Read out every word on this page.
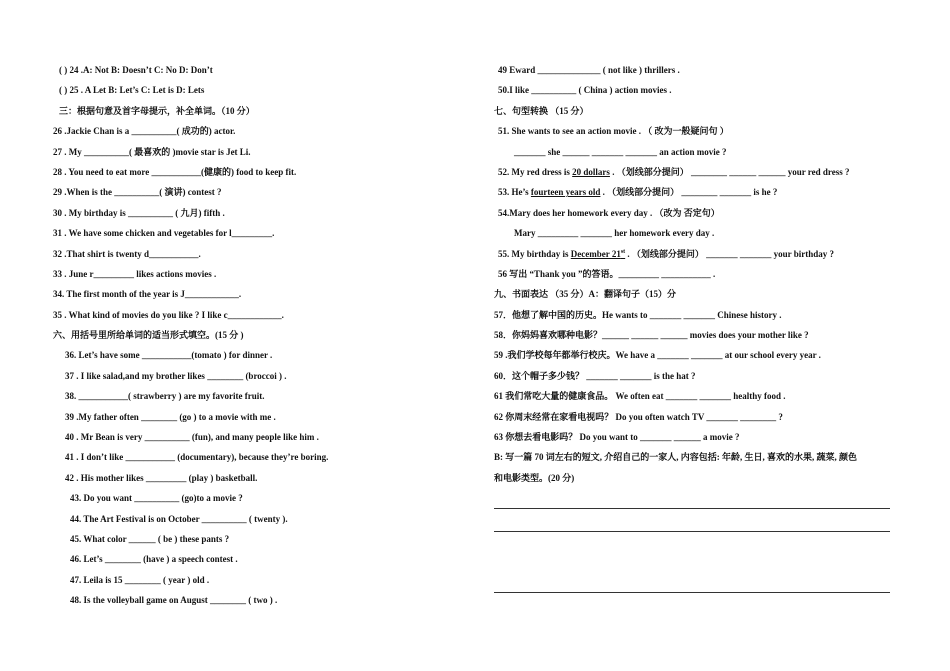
( ) 24 .A: Not B: Doesn’t C: No D: Don’t
( ) 25 . A Let B: Let’s C: Let is D: Lets
三：根据句意及首字母提示，补全单词。（10 分）
26 .Jackie Chan is a __________( 成功的) actor.
27 . My __________( 最喜欢的 )movie star is Jet Li.
28 . You need to eat more ___________(健康的) food to keep fit.
29 .When is the __________( 演讲) contest ?
30 . My birthday is __________ ( 九月) fifth .
31 . We have some chicken and vegetables for l_________.
32 .That shirt is twenty d___________.
33 . June r_________ likes actions movies .
34. The first month of the year is J____________.
35 . What kind of movies do you like ? I like c____________.
六、用括号里所给单词的适当形式填空。(15 分 )
36. Let’s have some ___________(tomato ) for dinner .
37 . I like salad,and my brother likes ________ (broccoi ) .
38. ___________( strawberry ) are my favorite fruit.
39 .My father often ________ (go ) to a movie with me .
40 . Mr Bean is very __________ (fun), and many people like him .
41 . I don’t like ___________ (documentary), because they’re boring.
42 . His mother likes _________ (play ) basketball.
43. Do you want __________ (go)to a movie ?
44. The Art Festival is on October __________ ( twenty ).
45. What color ______ ( be ) these pants ?
46. Let’s ________ (have ) a speech contest .
47. Leila is 15 ________ ( year ) old .
48. Is the volleyball game on August ________ ( two ) .
49 Eward ______________ ( not like ) thrillers .
50.I like __________ ( China ) action movies .
七、句型转换 （15 分）
51. She wants to see an action movie . （ 改为一般疑问句 ）
_______ she ______ _______ _______ an action movie ?
52. My red dress is 20 dollars . （划线部分提问） ________ ______ ______ your red dress ?
53. He’s fourteen years old . （划线部分提问） ________ _______ is he ?
54.Mary does her homework every day . （改为 否定句）
Mary _________ _______ her homework every day .
55. My birthday is December 21st . （划线部分提问） _______ _______ your birthday ?
56 写出 “Thank you ”的答语。_________ ___________ .
九、书面表达 （35 分）A：翻译句子（15）分
57．他想了解中国的历史。He wants to _______ _______ Chinese history .
58．你妈妈喜欢哪种电影？______ ______ ______ movies does your mother like ?
59 .我们学校每年都举行校庆。We have a _______ _______ at our school every year .
60．这个帽子多少钱？ _______ _______ is the hat ?
61 我们常吃大量的健康食品。 We often eat _______ _______ healthy food .
62 你周末经常在家看电视吗？ Do you often watch TV _______ ________ ?
63 你想去看电影吗？ Do you want to _______ ______ a movie ?
B: 写一篇 70 词左右的短文, 介绍自己的一家人, 内容包括: 年龄, 生日, 喜欢的水果, 蔬菜, 颜色
和电影类型。(20 分)
